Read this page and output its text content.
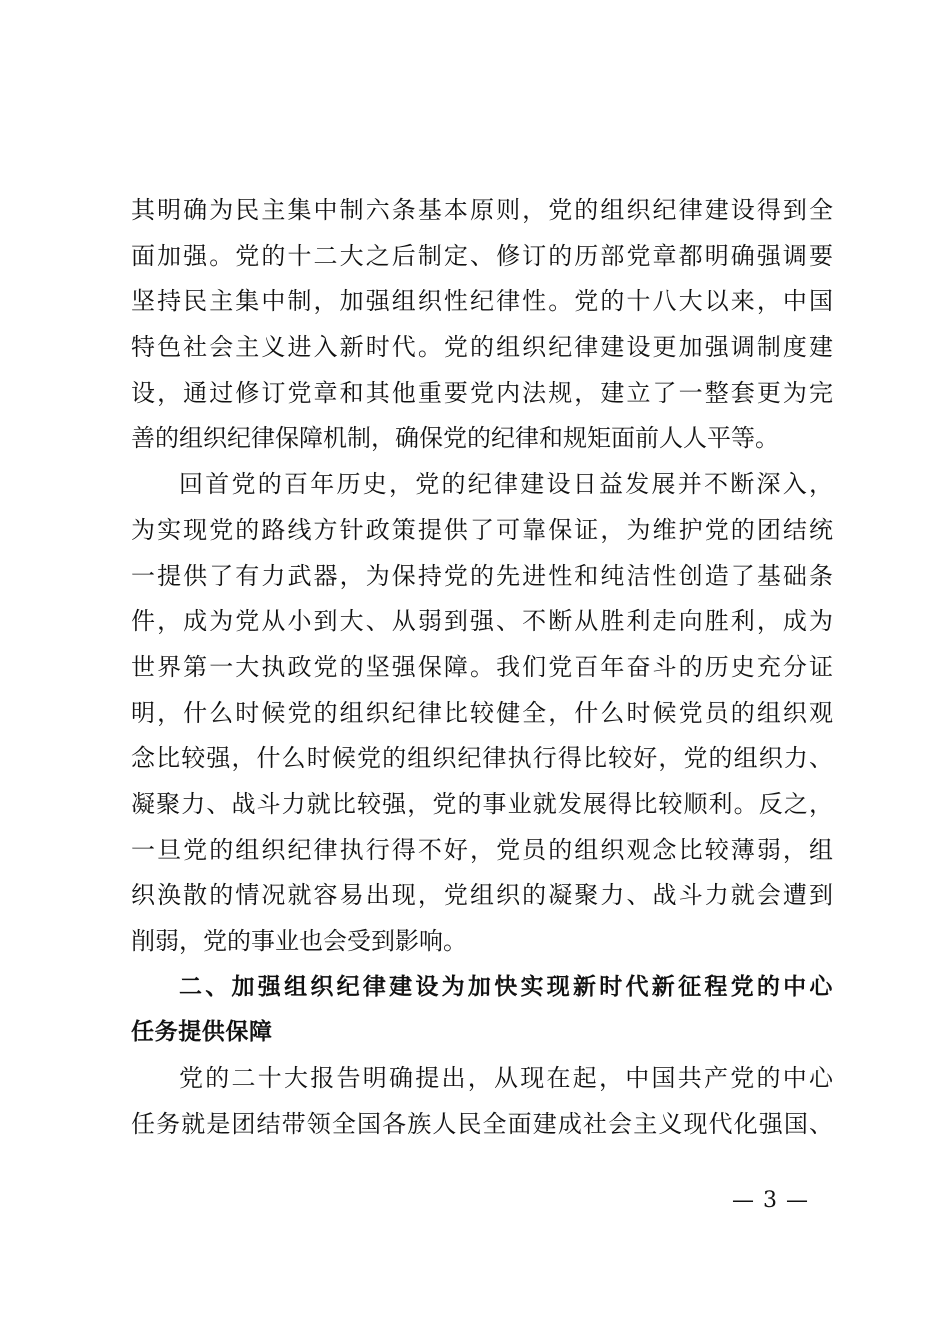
其明确为民主集中制六条基本原则，党的组织纪律建设得到全
面加强。党的十二大之后制定、修订的历部党章都明确强调要
坚持民主集中制，加强组织性纪律性。党的十八大以来，中国
特色社会主义进入新时代。党的组织纪律建设更加强调制度建
设，通过修订党章和其他重要党内法规，建立了一整套更为完
善的组织纪律保障机制，确保党的纪律和规矩面前人人平等。
回首党的百年历史，党的纪律建设日益发展并不断深入，
为实现党的路线方针政策提供了可靠保证，为维护党的团结统
一提供了有力武器，为保持党的先进性和纯洁性创造了基础条
件，成为党从小到大、从弱到强、不断从胜利走向胜利，成为
世界第一大执政党的坚强保障。我们党百年奋斗的历史充分证
明，什么时候党的组织纪律比较健全，什么时候党员的组织观
念比较强，什么时候党的组织纪律执行得比较好，党的组织力、
凝聚力、战斗力就比较强，党的事业就发展得比较顺利。反之，
一旦党的组织纪律执行得不好，党员的组织观念比较薄弱，组
织涣散的情况就容易出现，党组织的凝聚力、战斗力就会遭到
削弱，党的事业也会受到影响。
二、加强组织纪律建设为加快实现新时代新征程党的中心
任务提供保障
党的二十大报告明确提出，从现在起，中国共产党的中心
任务就是团结带领全国各族人民全面建成社会主义现代化强国、
— 3 —
